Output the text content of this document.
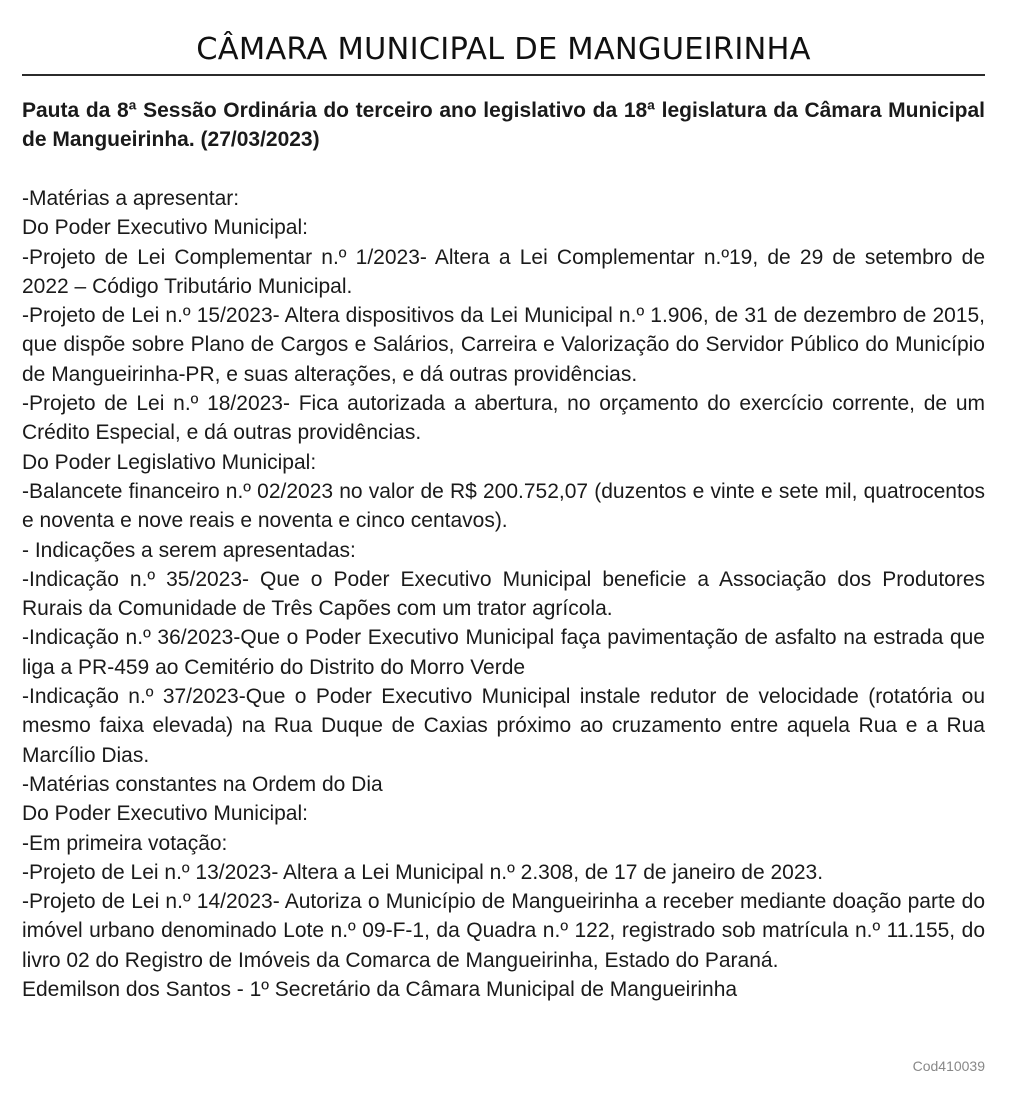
CÂMARA MUNICIPAL DE MANGUEIRINHA
Pauta da 8ª Sessão Ordinária do terceiro ano legislativo da 18ª legislatura da Câmara Municipal de Mangueirinha. (27/03/2023)

-Matérias a apresentar:

Do Poder Executivo Municipal:

-Projeto de Lei Complementar n.º 1/2023- Altera a Lei Complementar n.º19, de 29 de setembro de 2022 – Código Tributário Municipal.

-Projeto de Lei n.º 15/2023- Altera dispositivos da Lei Municipal n.º 1.906, de 31 de dezembro de 2015, que dispõe sobre Plano de Cargos e Salários, Carreira e Valorização do Servidor Público do Município de Mangueirinha-PR, e suas alterações, e dá outras providências.

-Projeto de Lei n.º 18/2023- Fica autorizada a abertura, no orçamento do exercício corrente, de um Crédito Especial, e dá outras providências.

Do Poder Legislativo Municipal:

-Balancete financeiro n.º 02/2023 no valor de R$ 200.752,07 (duzentos e vinte e sete mil, quatrocentos e noventa e nove reais e noventa e cinco centavos).

- Indicações a serem apresentadas:

-Indicação n.º 35/2023- Que o Poder Executivo Municipal beneficie a Associação dos Produtores Rurais da Comunidade de Três Capões com um trator agrícola.

-Indicação n.º 36/2023-Que o Poder Executivo Municipal faça pavimentação de asfalto na estrada que liga a PR-459 ao Cemitério do Distrito do Morro Verde

-Indicação n.º 37/2023-Que o Poder Executivo Municipal instale redutor de velocidade (rotatória ou mesmo faixa elevada) na Rua Duque de Caxias próximo ao cruzamento entre aquela Rua e a Rua Marcílio Dias.

-Matérias constantes na Ordem do Dia

Do Poder Executivo Municipal:

-Em primeira votação:

-Projeto de Lei n.º 13/2023- Altera a Lei Municipal n.º 2.308, de 17 de janeiro de 2023.

-Projeto de Lei n.º 14/2023- Autoriza o Município de Mangueirinha a receber mediante doação parte do imóvel urbano denominado Lote n.º 09-F-1, da Quadra n.º 122, registrado sob matrícula n.º 11.155, do livro 02 do Registro de Imóveis da Comarca de Mangueirinha, Estado do Paraná.

Edemilson dos Santos - 1º Secretário da Câmara Municipal de Mangueirinha

Cod410039
